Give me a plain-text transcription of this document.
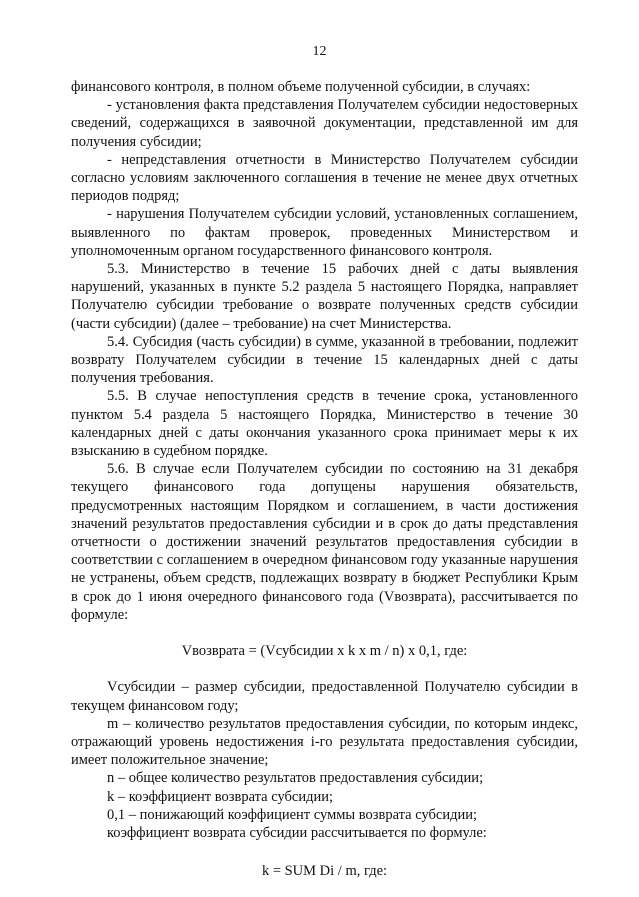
12

финансового контроля, в полном объеме полученной субсидии, в случаях:

- установления факта представления Получателем субсидии недостоверных сведений, содержащихся в заявочной документации, представленной им для получения субсидии;

- непредставления отчетности в Министерство Получателем субсидии согласно условиям заключенного соглашения в течение не менее двух отчетных периодов подряд;

- нарушения Получателем субсидии условий, установленных соглашением, выявленного по фактам проверок, проведенных Министерством и уполномоченным органом государственного финансового контроля.

5.3. Министерство в течение 15 рабочих дней с даты выявления нарушений, указанных в пункте 5.2 раздела 5 настоящего Порядка, направляет Получателю субсидии требование о возврате полученных средств субсидии (части субсидии) (далее – требование) на счет Министерства.

5.4. Субсидия (часть субсидии) в сумме, указанной в требовании, подлежит возврату Получателем субсидии в течение 15 календарных дней с даты получения требования.

5.5. В случае непоступления средств в течение срока, установленного пунктом 5.4 раздела 5 настоящего Порядка, Министерство в течение 30 календарных дней с даты окончания указанного срока принимает меры к их взысканию в судебном порядке.

5.6. В случае если Получателем субсидии по состоянию на 31 декабря текущего финансового года допущены нарушения обязательств, предусмотренных настоящим Порядком и соглашением, в части достижения значений результатов предоставления субсидии и в срок до даты представления отчетности о достижении значений результатов предоставления субсидии в соответствии с соглашением в очередном финансовом году указанные нарушения не устранены, объем средств, подлежащих возврату в бюджет Республики Крым в срок до 1 июня очередного финансового года (Vвозврата), рассчитывается по формуле:

Vвозврата = (Vсубсидии x k x m / n) x 0,1, где:

Vсубсидии – размер субсидии, предоставленной Получателю субсидии в текущем финансовом году;

m – количество результатов предоставления субсидии, по которым индекс, отражающий уровень недостижения i-го результата предоставления субсидии, имеет положительное значение;

n – общее количество результатов предоставления субсидии;

k – коэффициент возврата субсидии;

0,1 – понижающий коэффициент суммы возврата субсидии;

коэффициент возврата субсидии рассчитывается по формуле:

k = SUM Di / m, где:
